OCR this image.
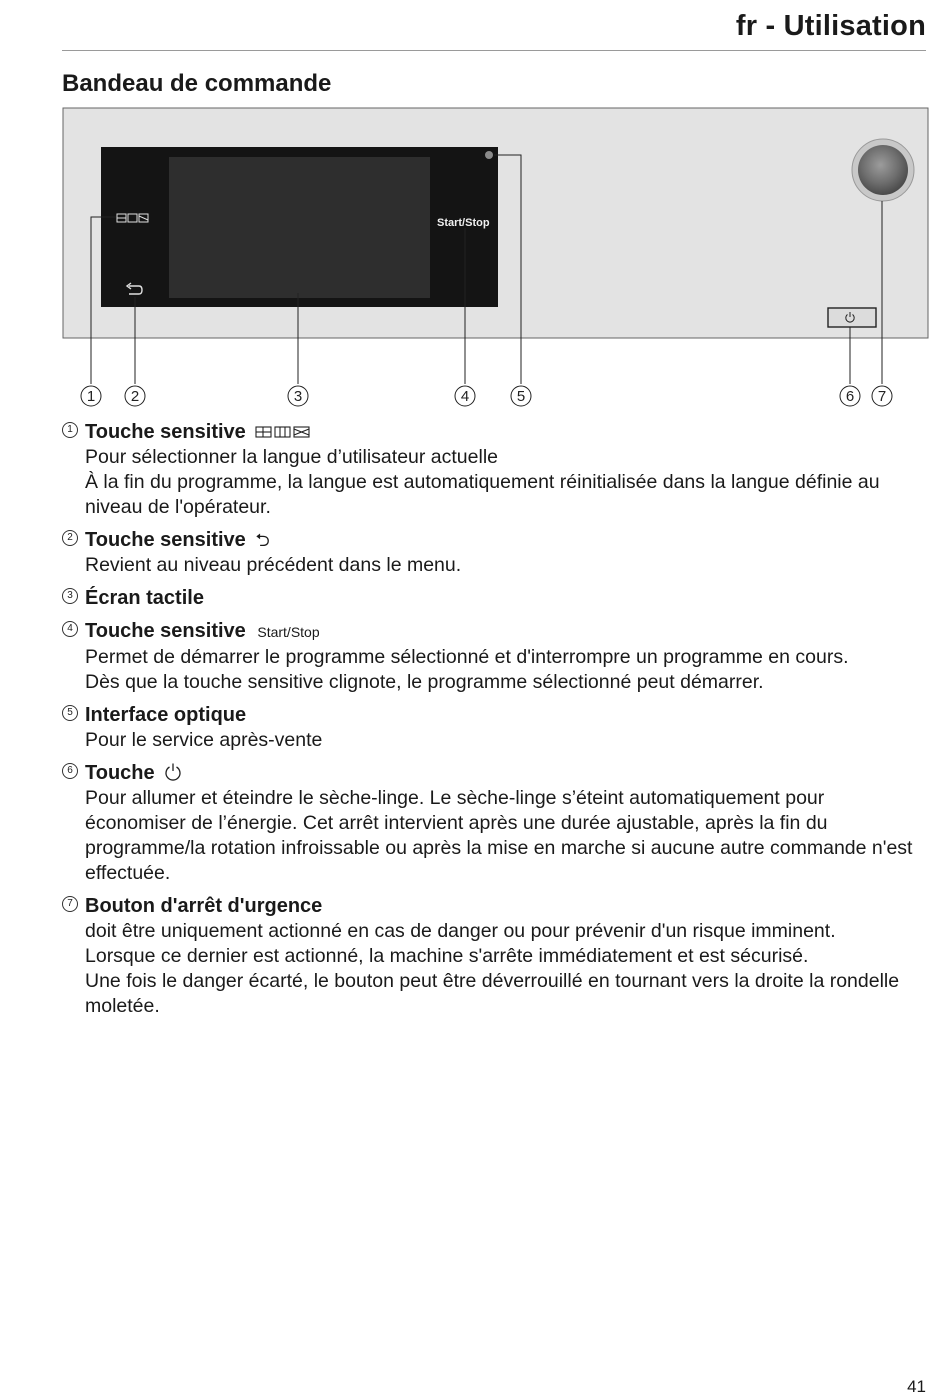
fr - Utilisation
Bandeau de commande
Start/Stop
1 2	3	4	5	6 7
1 Touche sensitive
Pour sélectionner la langue d’utilisateur actuelle
À la fin du programme, la langue est automatiquement réinitialisée dans la langue définie au niveau de l'opérateur.
2 Touche sensitive ⮌
Revient au niveau précédent dans le menu.
3 Écran tactile
4 Touche sensitive Start/Stop
Permet de démarrer le programme sélectionné et d'interrompre un programme en cours.
Dès que la touche sensitive clignote, le programme sélectionné peut démarrer.
5 Interface optique
Pour le service après-vente
6 Touche
Pour allumer et éteindre le sèche-linge. Le sèche-linge s’éteint automatiquement pour économiser de l’énergie. Cet arrêt intervient après une durée ajustable, après la fin du programme/la rotation infroissable ou après la mise en marche si aucune autre commande n'est effectuée.
7 Bouton d'arrêt d'urgence
doit être uniquement actionné en cas de danger ou pour prévenir d'un risque imminent.
Lorsque ce dernier est actionné, la machine s'arrête immédiatement et est sécurisé.
Une fois le danger écarté, le bouton peut être déverrouillé en tournant vers la droite la rondelle moletée.
41
